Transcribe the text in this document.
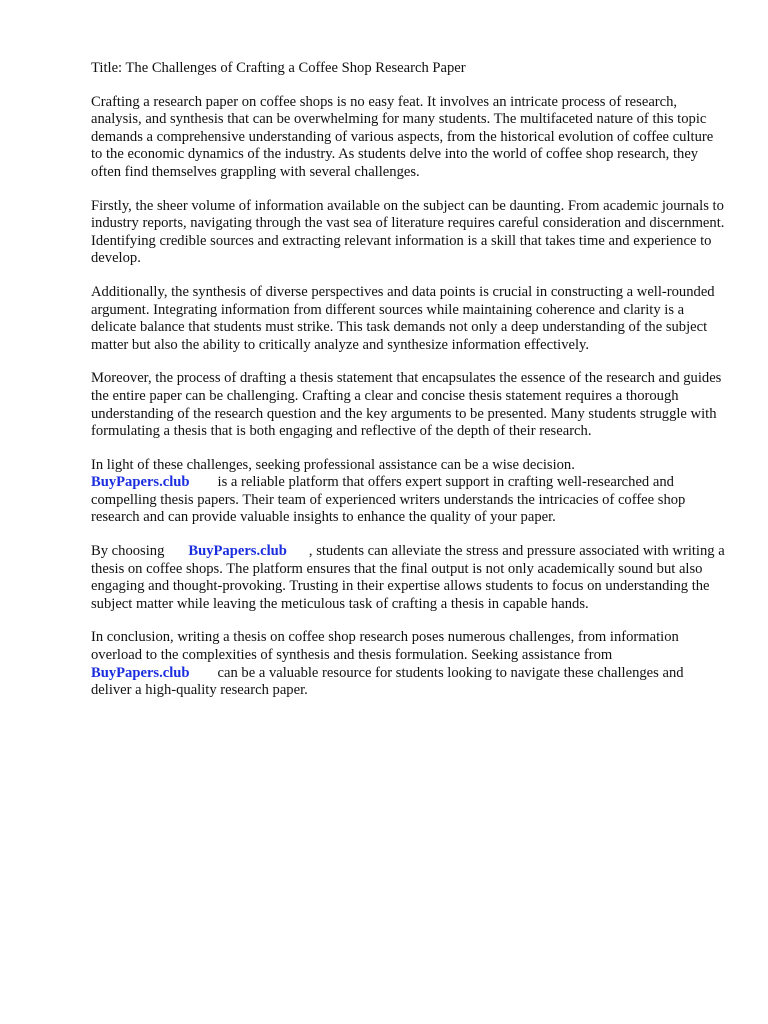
Title: The Challenges of Crafting a Coffee Shop Research Paper

Crafting a research paper on coffee shops is no easy feat. It involves an intricate process of research, analysis, and synthesis that can be overwhelming for many students. The multifaceted nature of this topic demands a comprehensive understanding of various aspects, from the historical evolution of coffee culture to the economic dynamics of the industry. As students delve into the world of coffee shop research, they often find themselves grappling with several challenges.

Firstly, the sheer volume of information available on the subject can be daunting. From academic journals to industry reports, navigating through the vast sea of literature requires careful consideration and discernment. Identifying credible sources and extracting relevant information is a skill that takes time and experience to develop.

Additionally, the synthesis of diverse perspectives and data points is crucial in constructing a well-rounded argument. Integrating information from different sources while maintaining coherence and clarity is a delicate balance that students must strike. This task demands not only a deep understanding of the subject matter but also the ability to critically analyze and synthesize information effectively.

Moreover, the process of drafting a thesis statement that encapsulates the essence of the research and guides the entire paper can be challenging. Crafting a clear and concise thesis statement requires a thorough understanding of the research question and the key arguments to be presented. Many students struggle with formulating a thesis that is both engaging and reflective of the depth of their research.

In light of these challenges, seeking professional assistance can be a wise decision.
BuyPapers.club is a reliable platform that offers expert support in crafting well-researched and compelling thesis papers. Their team of experienced writers understands the intricacies of coffee shop research and can provide valuable insights to enhance the quality of your paper.

By choosing BuyPapers.club , students can alleviate the stress and pressure associated with writing a thesis on coffee shops. The platform ensures that the final output is not only academically sound but also engaging and thought-provoking. Trusting in their expertise allows students to focus on understanding the subject matter while leaving the meticulous task of crafting a thesis in capable hands.

In conclusion, writing a thesis on coffee shop research poses numerous challenges, from information overload to the complexities of synthesis and thesis formulation. Seeking assistance from
BuyPapers.club can be a valuable resource for students looking to navigate these challenges and deliver a high-quality research paper.
